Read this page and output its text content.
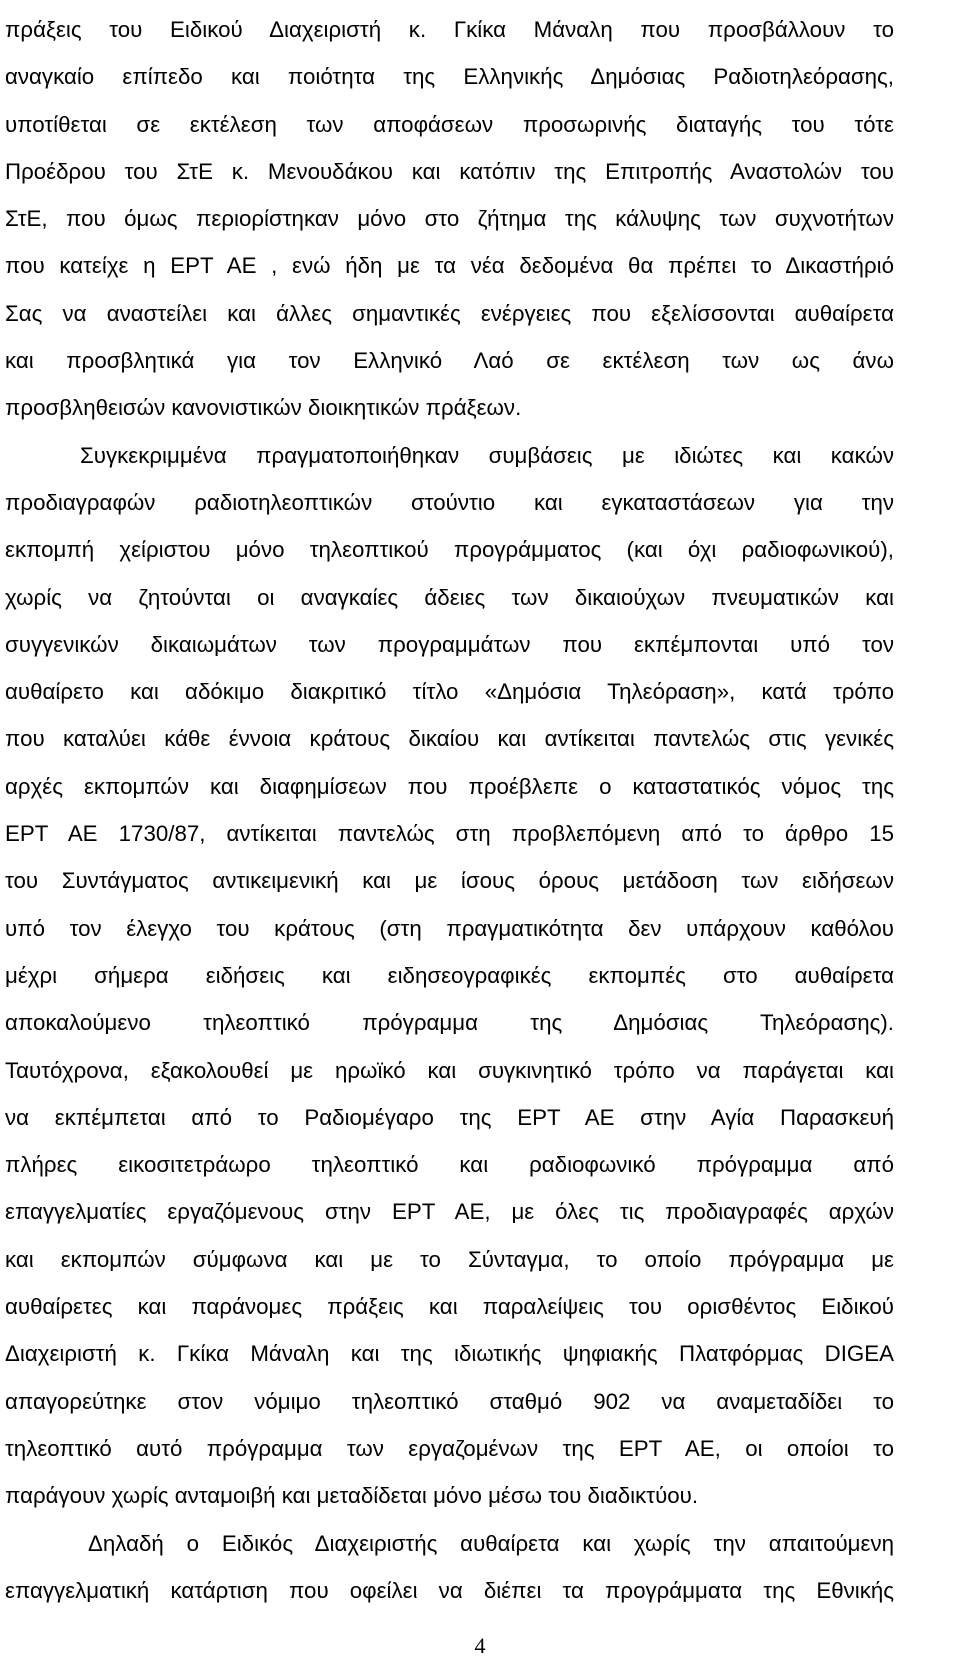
πράξεις του Ειδικού Διαχειριστή κ. Γκίκα Μάναλη που προσβάλλουν το
αναγκαίο επίπεδο και ποιότητα της Ελληνικής Δημόσιας Ραδιοτηλεόρασης,
υποτίθεται σε εκτέλεση των αποφάσεων προσωρινής διαταγής του τότε
Προέδρου του ΣτΕ κ. Μενουδάκου και κατόπιν της Επιτροπής Αναστολών του
ΣτΕ, που όμως περιορίστηκαν μόνο στο ζήτημα της κάλυψης των συχνοτήτων
που κατείχε η ΕΡΤ ΑΕ , ενώ ήδη με τα νέα δεδομένα θα πρέπει το Δικαστήριό
Σας να αναστείλει και άλλες σημαντικές ενέργειες που εξελίσσονται αυθαίρετα
και προσβλητικά για τον Ελληνικό Λαό σε εκτέλεση των ως άνω
προσβληθεισών κανονιστικών διοικητικών πράξεων.
Συγκεκριμμένα πραγματοποιήθηκαν συμβάσεις με ιδιώτες και κακών
προδιαγραφών ραδιοτηλεοπτικών στούντιο και εγκαταστάσεων για την
εκπομπή χείριστου μόνο τηλεοπτικού προγράμματος (και όχι ραδιοφωνικού),
χωρίς να ζητούνται οι αναγκαίες άδειες των δικαιούχων πνευματικών και
συγγενικών δικαιωμάτων των προγραμμάτων που εκπέμπονται υπό τον
αυθαίρετο και αδόκιμο διακριτικό τίτλο «Δημόσια Τηλεόραση», κατά τρόπο
που καταλύει κάθε έννοια κράτους δικαίου και αντίκειται παντελώς στις γενικές
αρχές εκπομπών και διαφημίσεων που προέβλεπε ο καταστατικός νόμος της
ΕΡΤ ΑΕ 1730/87, αντίκειται παντελώς στη προβλεπόμενη από το άρθρο 15
του Συντάγματος αντικειμενική και με ίσους όρους μετάδοση των ειδήσεων
υπό τον έλεγχο του κράτους (στη πραγματικότητα δεν υπάρχουν καθόλου
μέχρι σήμερα ειδήσεις και ειδησεογραφικές εκπομπές στο αυθαίρετα
αποκαλούμενο τηλεοπτικό πρόγραμμα της Δημόσιας Τηλεόρασης).
Ταυτόχρονα, εξακολουθεί με ηρωϊκό και συγκινητικό τρόπο να παράγεται και
να εκπέμπεται από το Ραδιομέγαρο της ΕΡΤ ΑΕ στην Αγία Παρασκευή
πλήρες εικοσιτετράωρο τηλεοπτικό και ραδιοφωνικό πρόγραμμα από
επαγγελματίες εργαζόμενους στην ΕΡΤ ΑΕ, με όλες τις προδιαγραφές αρχών
και εκπομπών σύμφωνα και με το Σύνταγμα, το οποίο πρόγραμμα με
αυθαίρετες και παράνομες πράξεις και παραλείψεις του ορισθέντος Ειδικού
Διαχειριστή κ. Γκίκα Μάναλη και της ιδιωτικής ψηφιακής Πλατφόρμας DIGEA
απαγορεύτηκε στον νόμιμο τηλεοπτικό σταθμό 902 να αναμεταδίδει το
τηλεοπτικό αυτό πρόγραμμα των εργαζομένων της ΕΡΤ ΑΕ, οι οποίοι το
παράγουν χωρίς ανταμοιβή και μεταδίδεται μόνο μέσω του διαδικτύου.
Δηλαδή ο Ειδικός Διαχειριστής αυθαίρετα και χωρίς την απαιτούμενη
επαγγελματική κατάρτιση που οφείλει να διέπει τα προγράμματα της Εθνικής
4
